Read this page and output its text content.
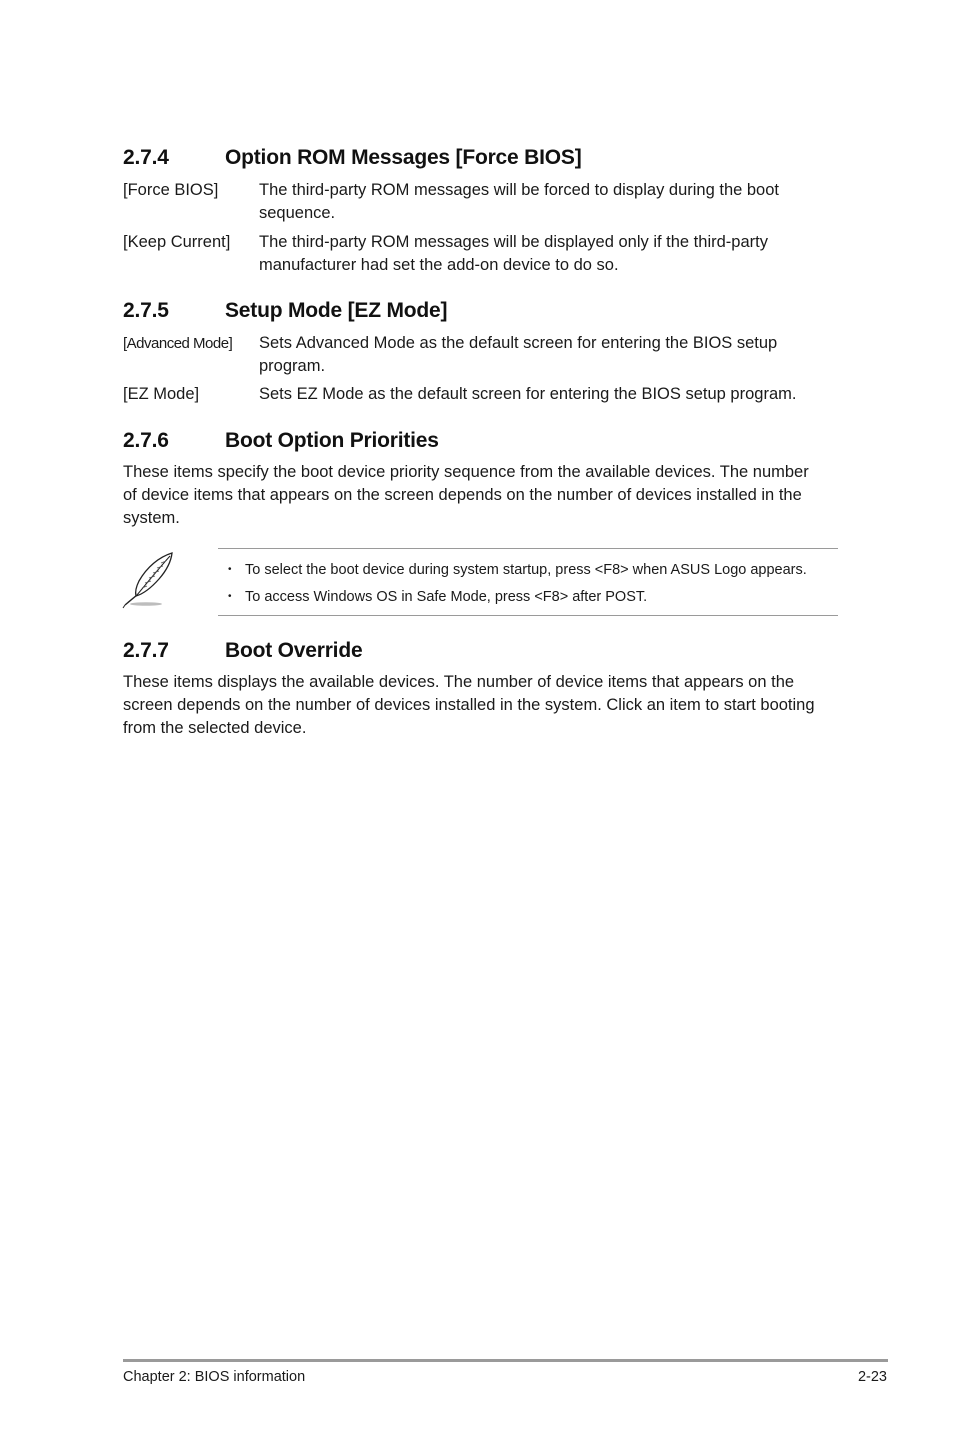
2.7.4	Option ROM Messages [Force BIOS]
[Force BIOS] The third-party ROM messages will be forced to display during the boot sequence.
[Keep Current] The third-party ROM messages will be displayed only if the third-party manufacturer had set the add-on device to do so.
2.7.5	Setup Mode [EZ Mode]
[Advanced Mode] Sets Advanced Mode as the default screen for entering the BIOS setup program.
[EZ Mode]	Sets EZ Mode as the default screen for entering the BIOS setup program.
2.7.6	Boot Option Priorities
These items specify the boot device priority sequence from the available devices. The number of device items that appears on the screen depends on the number of devices installed in the system.
• To select the boot device during system startup, press <F8> when ASUS Logo appears.
• To access Windows OS in Safe Mode, press <F8> after POST.
2.7.7	Boot Override
These items displays the available devices. The number of device items that appears on the screen depends on the number of devices installed in the system. Click an item to start booting from the selected device.
Chapter 2: BIOS information	2-23
